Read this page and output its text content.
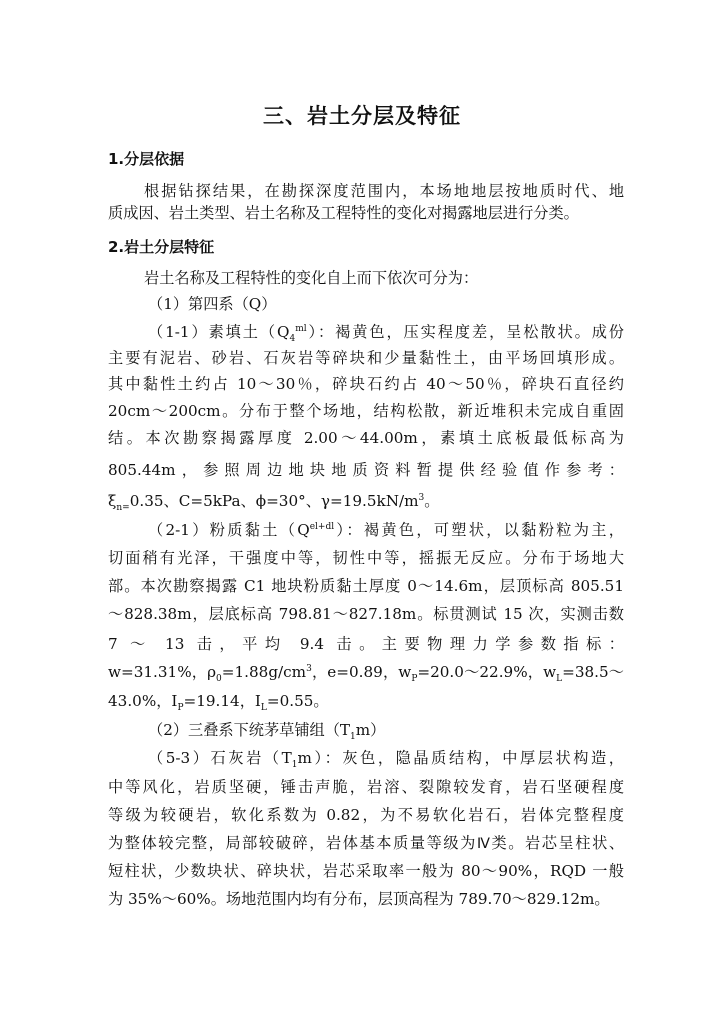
三、岩土分层及特征
1.分层依据
根据钻探结果，在勘探深度范围内，本场地地层按地质时代、地
质成因、岩土类型、岩土名称及工程特性的变化对揭露地层进行分类。
2.岩土分层特征
岩土名称及工程特性的变化自上而下依次可分为：
（1）第四系（Q）
（1-1）素填土$(Q_4^{ml})$：褐黄色，压实程度差，呈松散状。成份
主要有泥岩、砂岩、石灰岩等碎块和少量黏性土，由平场回填形成。
其中黏性土约占 10～30％，碎块石约占 40～50％，碎块石直径约
20cm～200cm。分布于整个场地，结构松散，新近堆积未完成自重固
结。本次勘察揭露厚度 2.00～44.00m，素填土底板最低标高为
805.44m，参照周边地块地质资料暂提供经验值作参考：
$\xi_{n=}0.35$、C=5kPa、ϕ=30°、$\gamma=19.5kN/m^3$。
（2-1）粉质黏土$(Q^{el+dl})$：褐黄色，可塑状，以黏粉粒为主，
切面稍有光泽，干强度中等，韧性中等，摇振无反应。分布于场地大
部。本次勘察揭露 C1 地块粉质黏土厚度 0～14.6m，层顶标高 805.51
～828.38m，层底标高 798.81～827.18m。标贯测试 15 次，实测击数
7 ～ 13 击，平均 9.4 击。主要物理力学参数指标：
w=31.31%，$\rho_0=1.88g/cm^3$，e=0.89，$w_P=20.0\sim 22.9\%$，$w_L=38.5\sim$
43.0%，$I_P=19.14$，$I_L=0.55$。
（2）三叠系下统茅草铺组$(T_1m)$
（5-3）石灰岩$(T_1m)$：灰色，隐晶质结构，中厚层状构造，
中等风化，岩质坚硬，锤击声脆，岩溶、裂隙较发育，岩石坚硬程度
等级为较硬岩，软化系数为 0.82，为不易软化岩石，岩体完整程度
为整体较完整，局部较破碎，岩体基本质量等级为Ⅳ类。岩芯呈柱状、
短柱状，少数块状、碎块状，岩芯采取率一般为 80～90%，RQD 一般
为 35%～60%。场地范围内均有分布，层顶高程为 789.70～829.12m。
